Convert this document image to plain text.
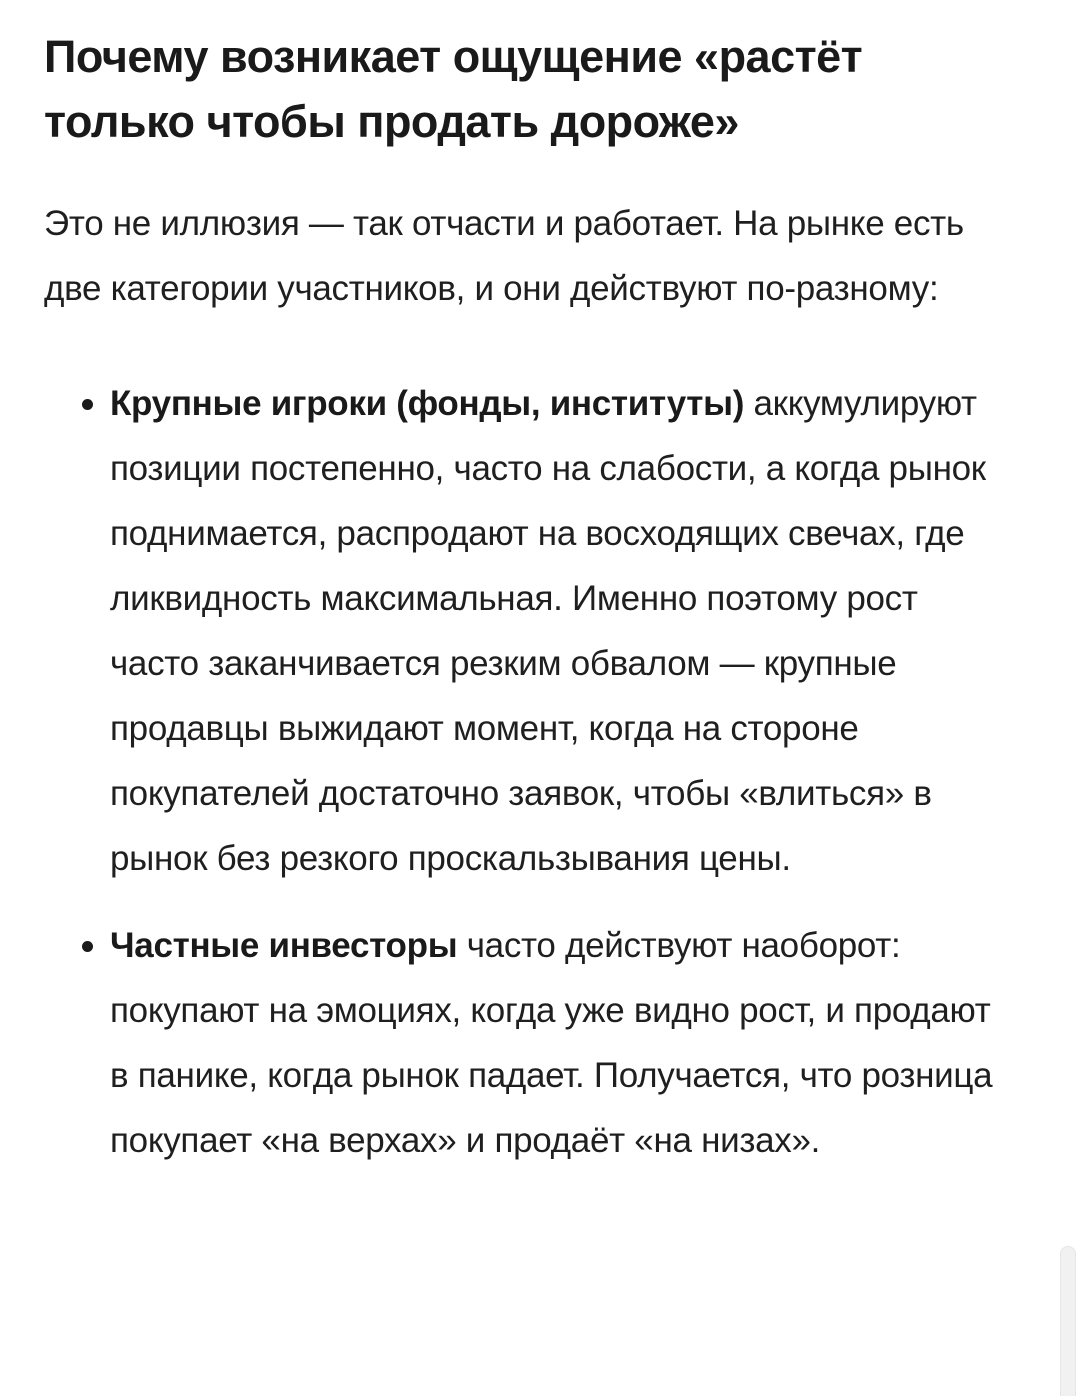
Почему возникает ощущение «растёт только чтобы продать дороже»

Это не иллюзия — так отчасти и работает. На рынке есть две категории участников, и они действуют по-разному:

Крупные игроки (фонды, институты) аккумулируют позиции постепенно, часто на слабости, а когда рынок поднимается, распродают на восходящих свечах, где ликвидность максимальная. Именно поэтому рост часто заканчивается резким обвалом — крупные продавцы выжидают момент, когда на стороне покупателей достаточно заявок, чтобы «влиться» в рынок без резкого проскальзывания цены.
Частные инвесторы часто действуют наоборот: покупают на эмоциях, когда уже видно рост, и продают в панике, когда рынок падает. Получается, что розница покупает «на верхах» и продаёт «на низах».
